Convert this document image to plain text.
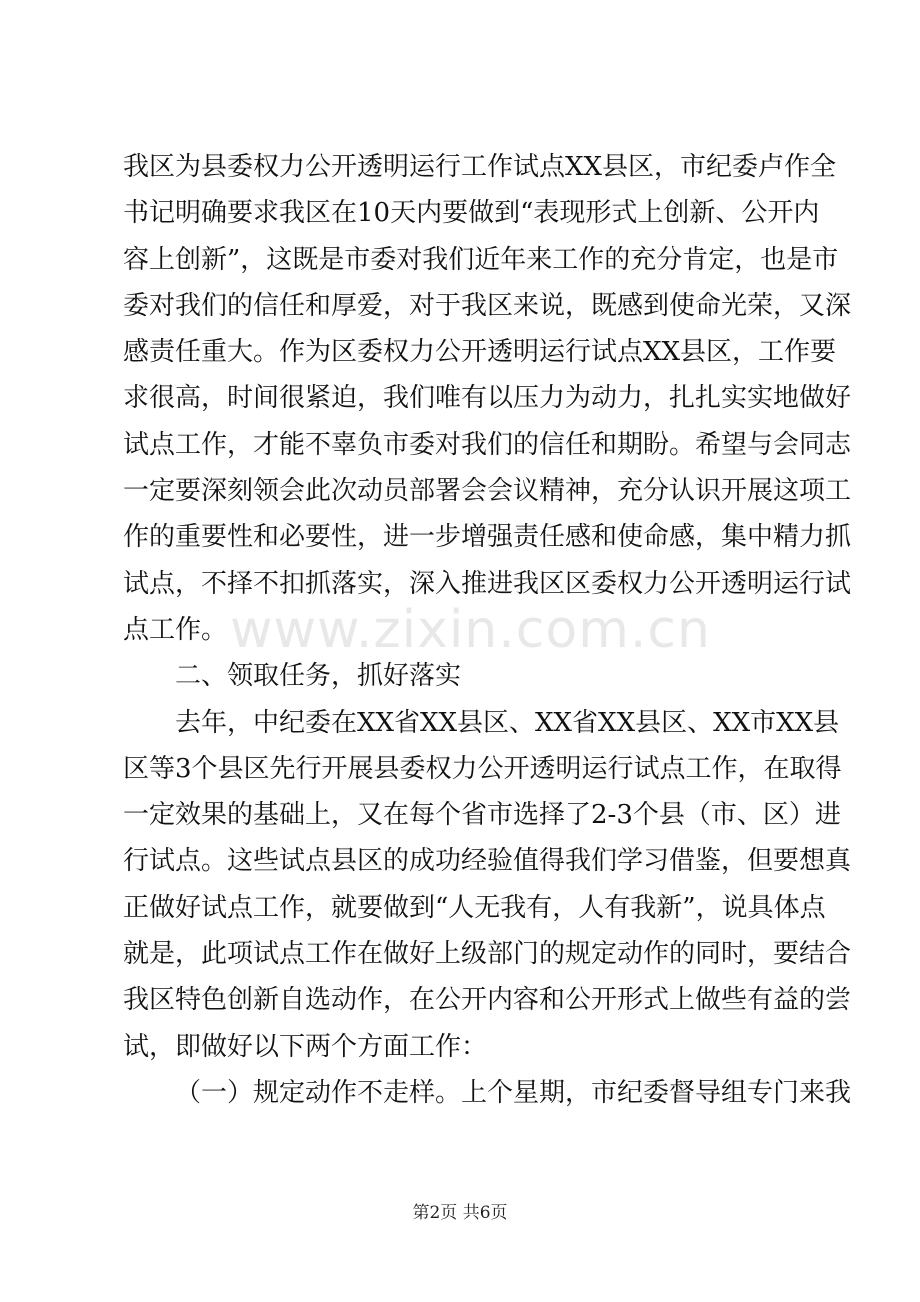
我区为县委权力公开透明运行工作试点XX县区，市纪委卢作全
书记明确要求我区在10天内要做到“表现形式上创新、公开内
容上创新”，这既是市委对我们近年来工作的充分肯定，也是市
委对我们的信任和厚爱，对于我区来说，既感到使命光荣，又深
感责任重大。作为区委权力公开透明运行试点XX县区，工作要
求很高，时间很紧迫，我们唯有以压力为动力，扎扎实实地做好
试点工作，才能不辜负市委对我们的信任和期盼。希望与会同志
一定要深刻领会此次动员部署会会议精神，充分认识开展这项工
作的重要性和必要性，进一步增强责任感和使命感，集中精力抓
试点，不择不扣抓落实，深入推进我区区委权力公开透明运行试
点工作。
二、领取任务，抓好落实
去年，中纪委在XX省XX县区、XX省XX县区、XX市XX县
区等3个县区先行开展县委权力公开透明运行试点工作，在取得
一定效果的基础上，又在每个省市选择了2-3个县（市、区）进
行试点。这些试点县区的成功经验值得我们学习借鉴，但要想真
正做好试点工作，就要做到“人无我有，人有我新”，说具体点
就是，此项试点工作在做好上级部门的规定动作的同时，要结合
我区特色创新自选动作，在公开内容和公开形式上做些有益的尝
试，即做好以下两个方面工作：
（一）规定动作不走样。上个星期，市纪委督导组专门来我
www.zixin.com.cn
第2页 共6页
